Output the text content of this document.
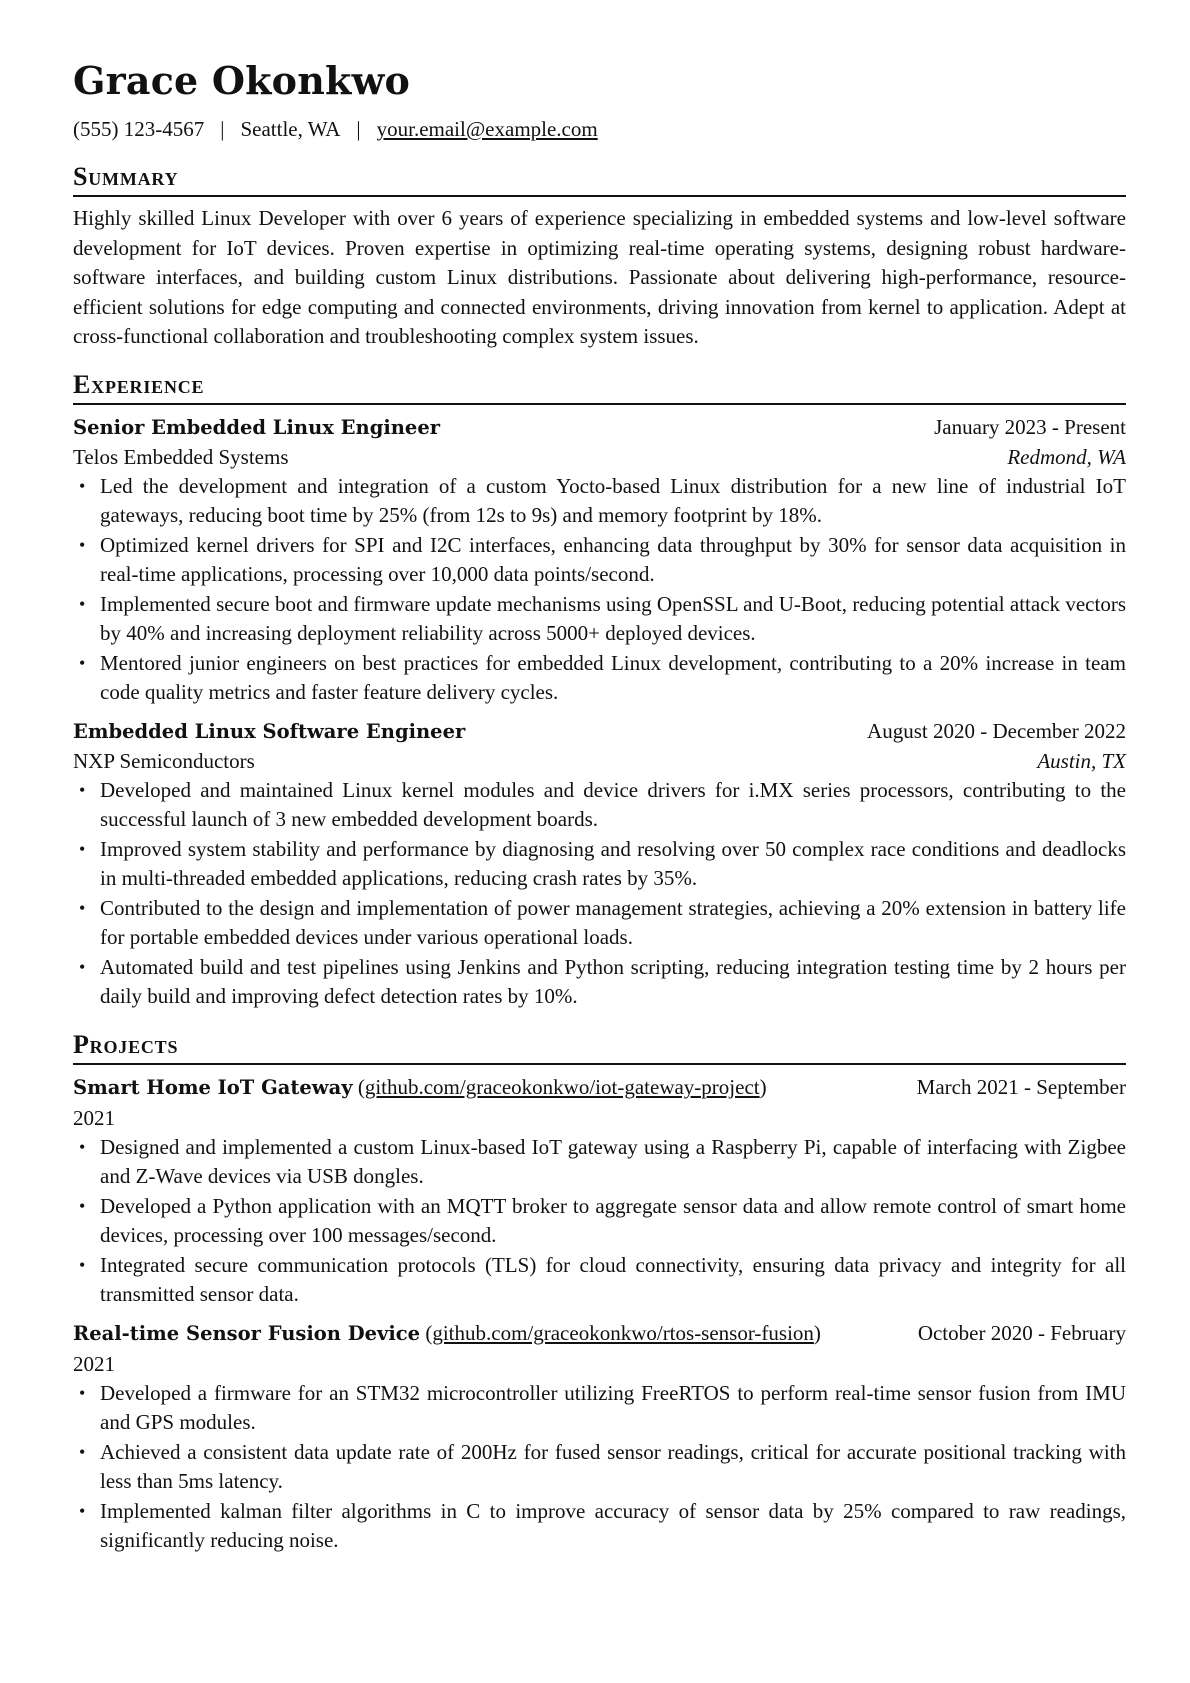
Grace Okonkwo
(555) 123-4567 | Seattle, WA | your.email@example.com
Summary

Highly skilled Linux Developer with over 6 years of experience specializing in embedded systems and low-level software development for IoT devices. Proven expertise in optimizing real-time operating systems, designing robust hardware-software interfaces, and building custom Linux distributions. Passionate about delivering high-performance, resource-efficient solutions for edge computing and connected environments, driving innovation from kernel to application. Adept at cross-functional collaboration and troubleshooting complex system issues.

Experience
Senior Embedded Linux Engineer	January 2023 - Present
Telos Embedded Systems	Redmond, WA
• Led the development and integration of a custom Yocto-based Linux distribution for a new line of industrial IoT gateways, reducing boot time by 25% (from 12s to 9s) and memory footprint by 18%.
• Optimized kernel drivers for SPI and I2C interfaces, enhancing data throughput by 30% for sensor data acquisition in real-time applications, processing over 10,000 data points/second.
• Implemented secure boot and firmware update mechanisms using OpenSSL and U-Boot, reducing potential attack vectors by 40% and increasing deployment reliability across 5000+ deployed devices.
• Mentored junior engineers on best practices for embedded Linux development, contributing to a 20% increase in team code quality metrics and faster feature delivery cycles.
Embedded Linux Software Engineer	August 2020 - December 2022
NXP Semiconductors	Austin, TX
• Developed and maintained Linux kernel modules and device drivers for i.MX series processors, contributing to the successful launch of 3 new embedded development boards.
• Improved system stability and performance by diagnosing and resolving over 50 complex race conditions and deadlocks in multi-threaded embedded applications, reducing crash rates by 35%.
• Contributed to the design and implementation of power management strategies, achieving a 20% extension in battery life for portable embedded devices under various operational loads.
• Automated build and test pipelines using Jenkins and Python scripting, reducing integration testing time by 2 hours per daily build and improving defect detection rates by 10%.
Projects
Smart Home IoT Gateway (github.com/graceokonkwo/iot-gateway-project)	March 2021 - September
2021
• Designed and implemented a custom Linux-based IoT gateway using a Raspberry Pi, capable of interfacing with Zigbee and Z-Wave devices via USB dongles.
• Developed a Python application with an MQTT broker to aggregate sensor data and allow remote control of smart home devices, processing over 100 messages/second.
• Integrated secure communication protocols (TLS) for cloud connectivity, ensuring data privacy and integrity for all transmitted sensor data.
Real-time Sensor Fusion Device (github.com/graceokonkwo/rtos-sensor-fusion)	October 2020 - February
2021
• Developed a firmware for an STM32 microcontroller utilizing FreeRTOS to perform real-time sensor fusion from IMU and GPS modules.
• Achieved a consistent data update rate of 200Hz for fused sensor readings, critical for accurate positional tracking with less than 5ms latency.
• Implemented kalman filter algorithms in C to improve accuracy of sensor data by 25% compared to raw readings, significantly reducing noise.
